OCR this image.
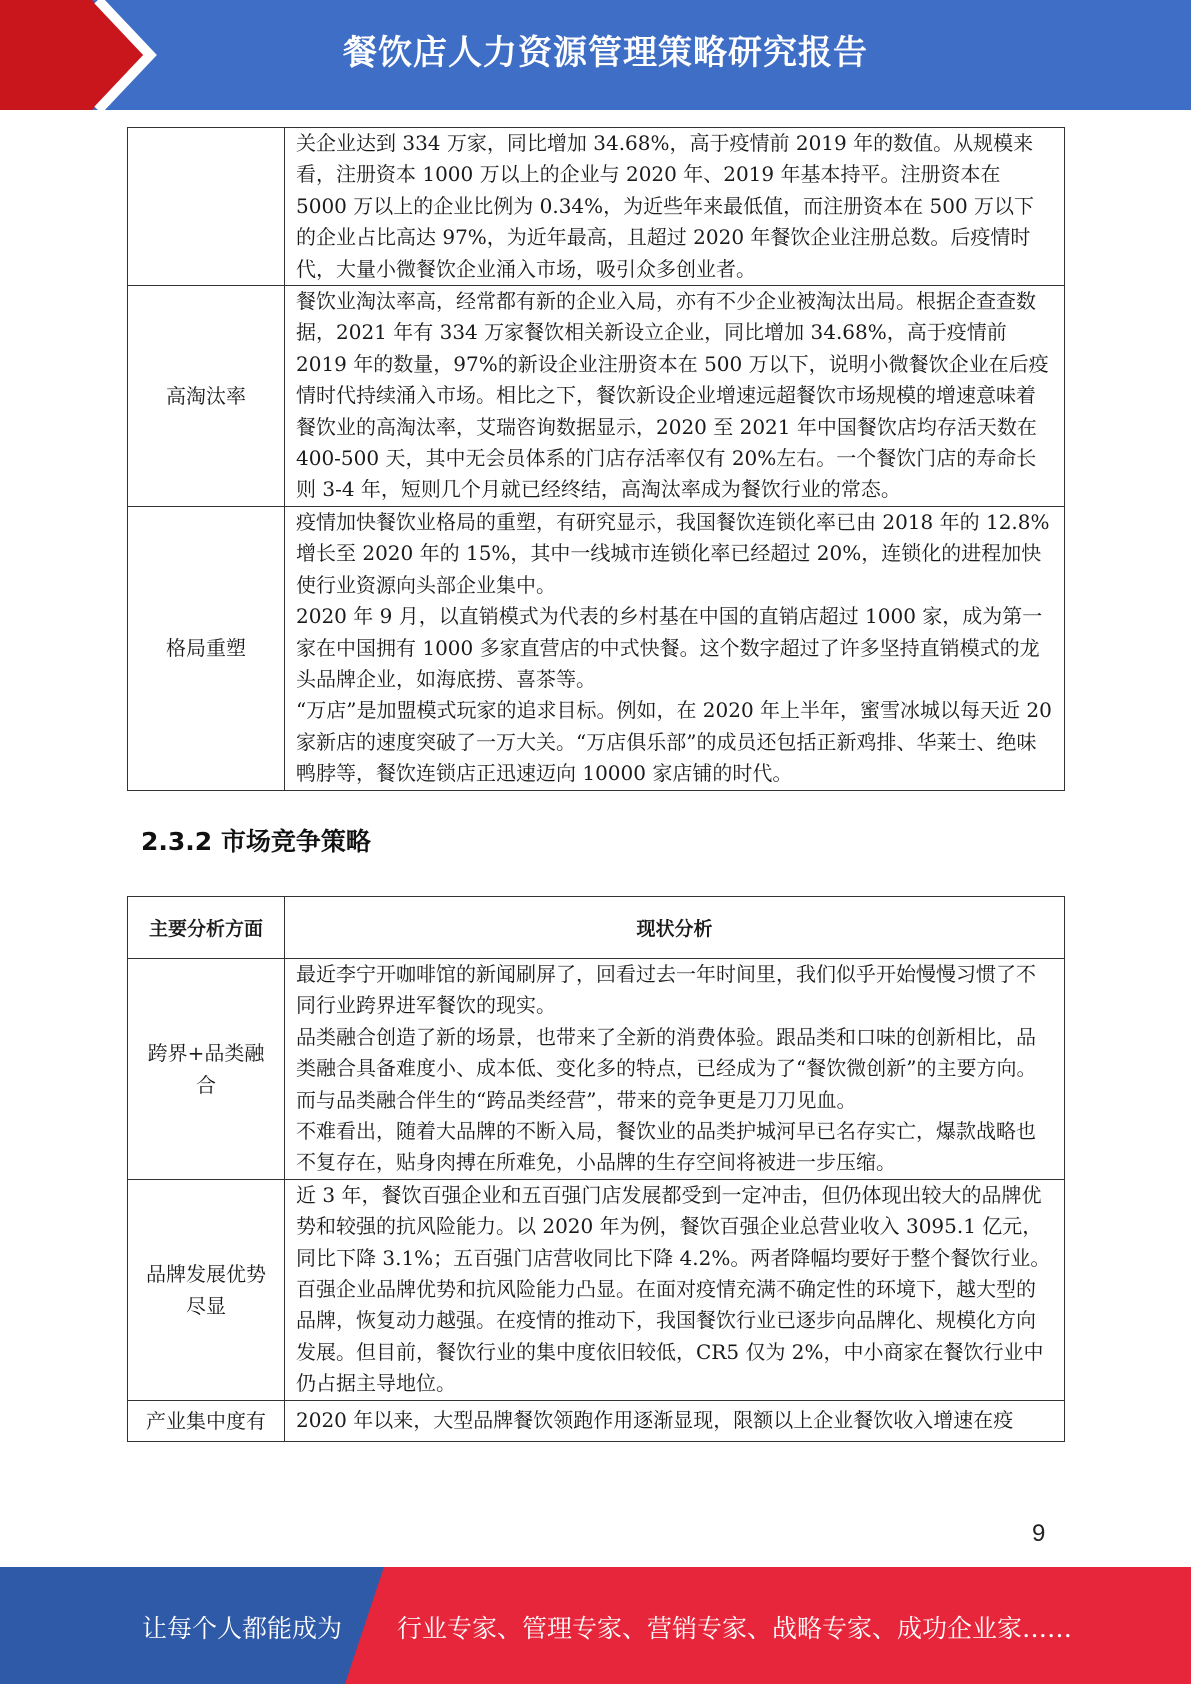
餐饮店人力资源管理策略研究报告

	关企业达到 334 万家，同比增加 34.68%，高于疫情前 2019 年的数值。从规模来看，注册资本 1000 万以上的企业与 2020 年、2019 年基本持平。注册资本在 5000 万以上的企业比例为 0.34%，为近些年来最低值，而注册资本在 500 万以下的企业占比高达 97%，为近年最高，且超过 2020 年餐饮企业注册总数。后疫情时代，大量小微餐饮企业涌入市场，吸引众多创业者。

高淘汰率	餐饮业淘汰率高，经常都有新的企业入局，亦有不少企业被淘汰出局。根据企查查数据，2021 年有 334 万家餐饮相关新设立企业，同比增加 34.68%，高于疫情前 2019 年的数量，97%的新设企业注册资本在 500 万以下，说明小微餐饮企业在后疫情时代持续涌入市场。相比之下，餐饮新设企业增速远超餐饮市场规模的增速意味着餐饮业的高淘汰率，艾瑞咨询数据显示，2020 至 2021 年中国餐饮店均存活天数在 400-500 天，其中无会员体系的门店存活率仅有 20%左右。一个餐饮门店的寿命长则 3-4 年，短则几个月就已经终结，高淘汰率成为餐饮行业的常态。

格局重塑	疫情加快餐饮业格局的重塑，有研究显示，我国餐饮连锁化率已由 2018 年的 12.8%增长至 2020 年的 15%，其中一线城市连锁化率已经超过 20%，连锁化的进程加快使行业资源向头部企业集中。

2020 年 9 月，以直销模式为代表的乡村基在中国的直销店超过 1000 家，成为第一家在中国拥有 1000 多家直营店的中式快餐。这个数字超过了许多坚持直销模式的龙头品牌企业，如海底捞、喜茶等。

“万店”是加盟模式玩家的追求目标。例如，在 2020 年上半年，蜜雪冰城以每天近 20 家新店的速度突破了一万大关。“万店俱乐部”的成员还包括正新鸡排、华莱士、绝味鸭脖等，餐饮连锁店正迅速迈向 10000 家店铺的时代。

2.3.2 市场竞争策略
主要分析方面	现状分析
跨界+品类融合	最近李宁开咖啡馆的新闻刷屏了，回看过去一年时间里，我们似乎开始慢慢习惯了不同行业跨界进军餐饮的现实。

品类融合创造了新的场景，也带来了全新的消费体验。跟品类和口味的创新相比，品类融合具备难度小、成本低、变化多的特点，已经成为了“餐饮微创新”的主要方向。

而与品类融合伴生的“跨品类经营”，带来的竞争更是刀刀见血。

不难看出，随着大品牌的不断入局，餐饮业的品类护城河早已名存实亡，爆款战略也不复存在，贴身肉搏在所难免，小品牌的生存空间将被进一步压缩。

品牌发展优势尽显	近 3 年，餐饮百强企业和五百强门店发展都受到一定冲击，但仍体现出较大的品牌优势和较强的抗风险能力。以 2020 年为例，餐饮百强企业总营业收入 3095.1 亿元，同比下降 3.1%；五百强门店营收同比下降 4.2%。两者降幅均要好于整个餐饮行业。

百强企业品牌优势和抗风险能力凸显。在面对疫情充满不确定性的环境下，越大型的品牌，恢复动力越强。在疫情的推动下，我国餐饮行业已逐步向品牌化、规模化方向发展。但目前，餐饮行业的集中度依旧较低，CR5 仅为 2%，中小商家在餐饮行业中仍占据主导地位。

产业集中度有	2020 年以来，大型品牌餐饮领跑作用逐渐显现，限额以上企业餐饮收入增速在疫

9
让每个人都能成为 行业专家、管理专家、营销专家、战略专家、成功企业家……
